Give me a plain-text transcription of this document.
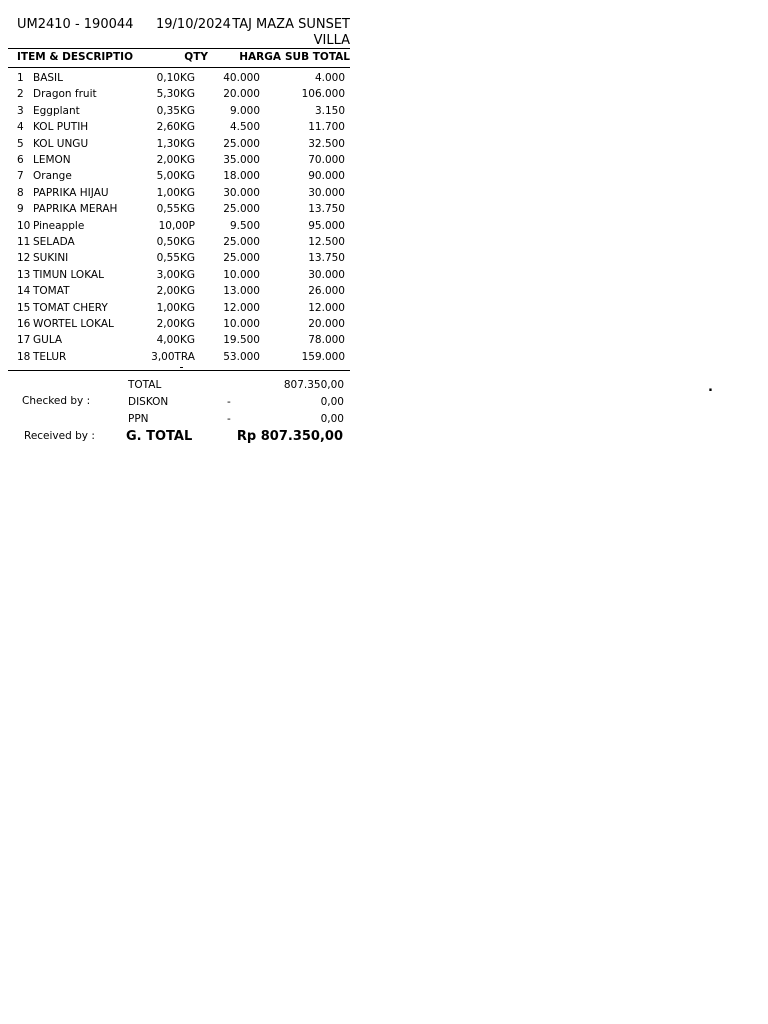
UM2410 - 190044 19/10/2024 TAJ MAZA SUNSET
VILLA
ITEM & DESCRIPTIO	QTY	HARGA SUB TOTAL
1 BASIL	0,10KG	40.000	4.000
2 Dragon fruit	5,30KG	20.000	106.000
3 Eggplant	0,35KG	9.000	3.150
4 KOL PUTIH	2,60KG	4.500	11.700
5 KOL UNGU	1,30KG	25.000	32.500
6 LEMON	2,00KG	35.000	70.000
7 Orange	5,00KG	18.000	90.000
8 PAPRIKA HIJAU	1,00KG	30.000	30.000
9 PAPRIKA MERAH	0,55KG	25.000	13.750
10 Pineapple	10,00P	9.500	95.000
11 SELADA	0,50KG	25.000	12.500
12 SUKINI	0,55KG	25.000	13.750
13 TIMUN LOKAL	3,00KG	10.000	30.000
14 TOMAT	2,00KG	13.000	26.000
15 TOMAT CHERY	1,00KG	12.000	12.000
16 WORTEL LOKAL	2,00KG	10.000	20.000
17 GULA	4,00KG	19.500	78.000
18 TELUR	3,00TRA	53.000	159.000
TOTAL	807.350,00
Checked by :	DISKON	-	0,00
PPN	-	0,00
Received by : G. TOTAL	Rp 807.350,00
.
